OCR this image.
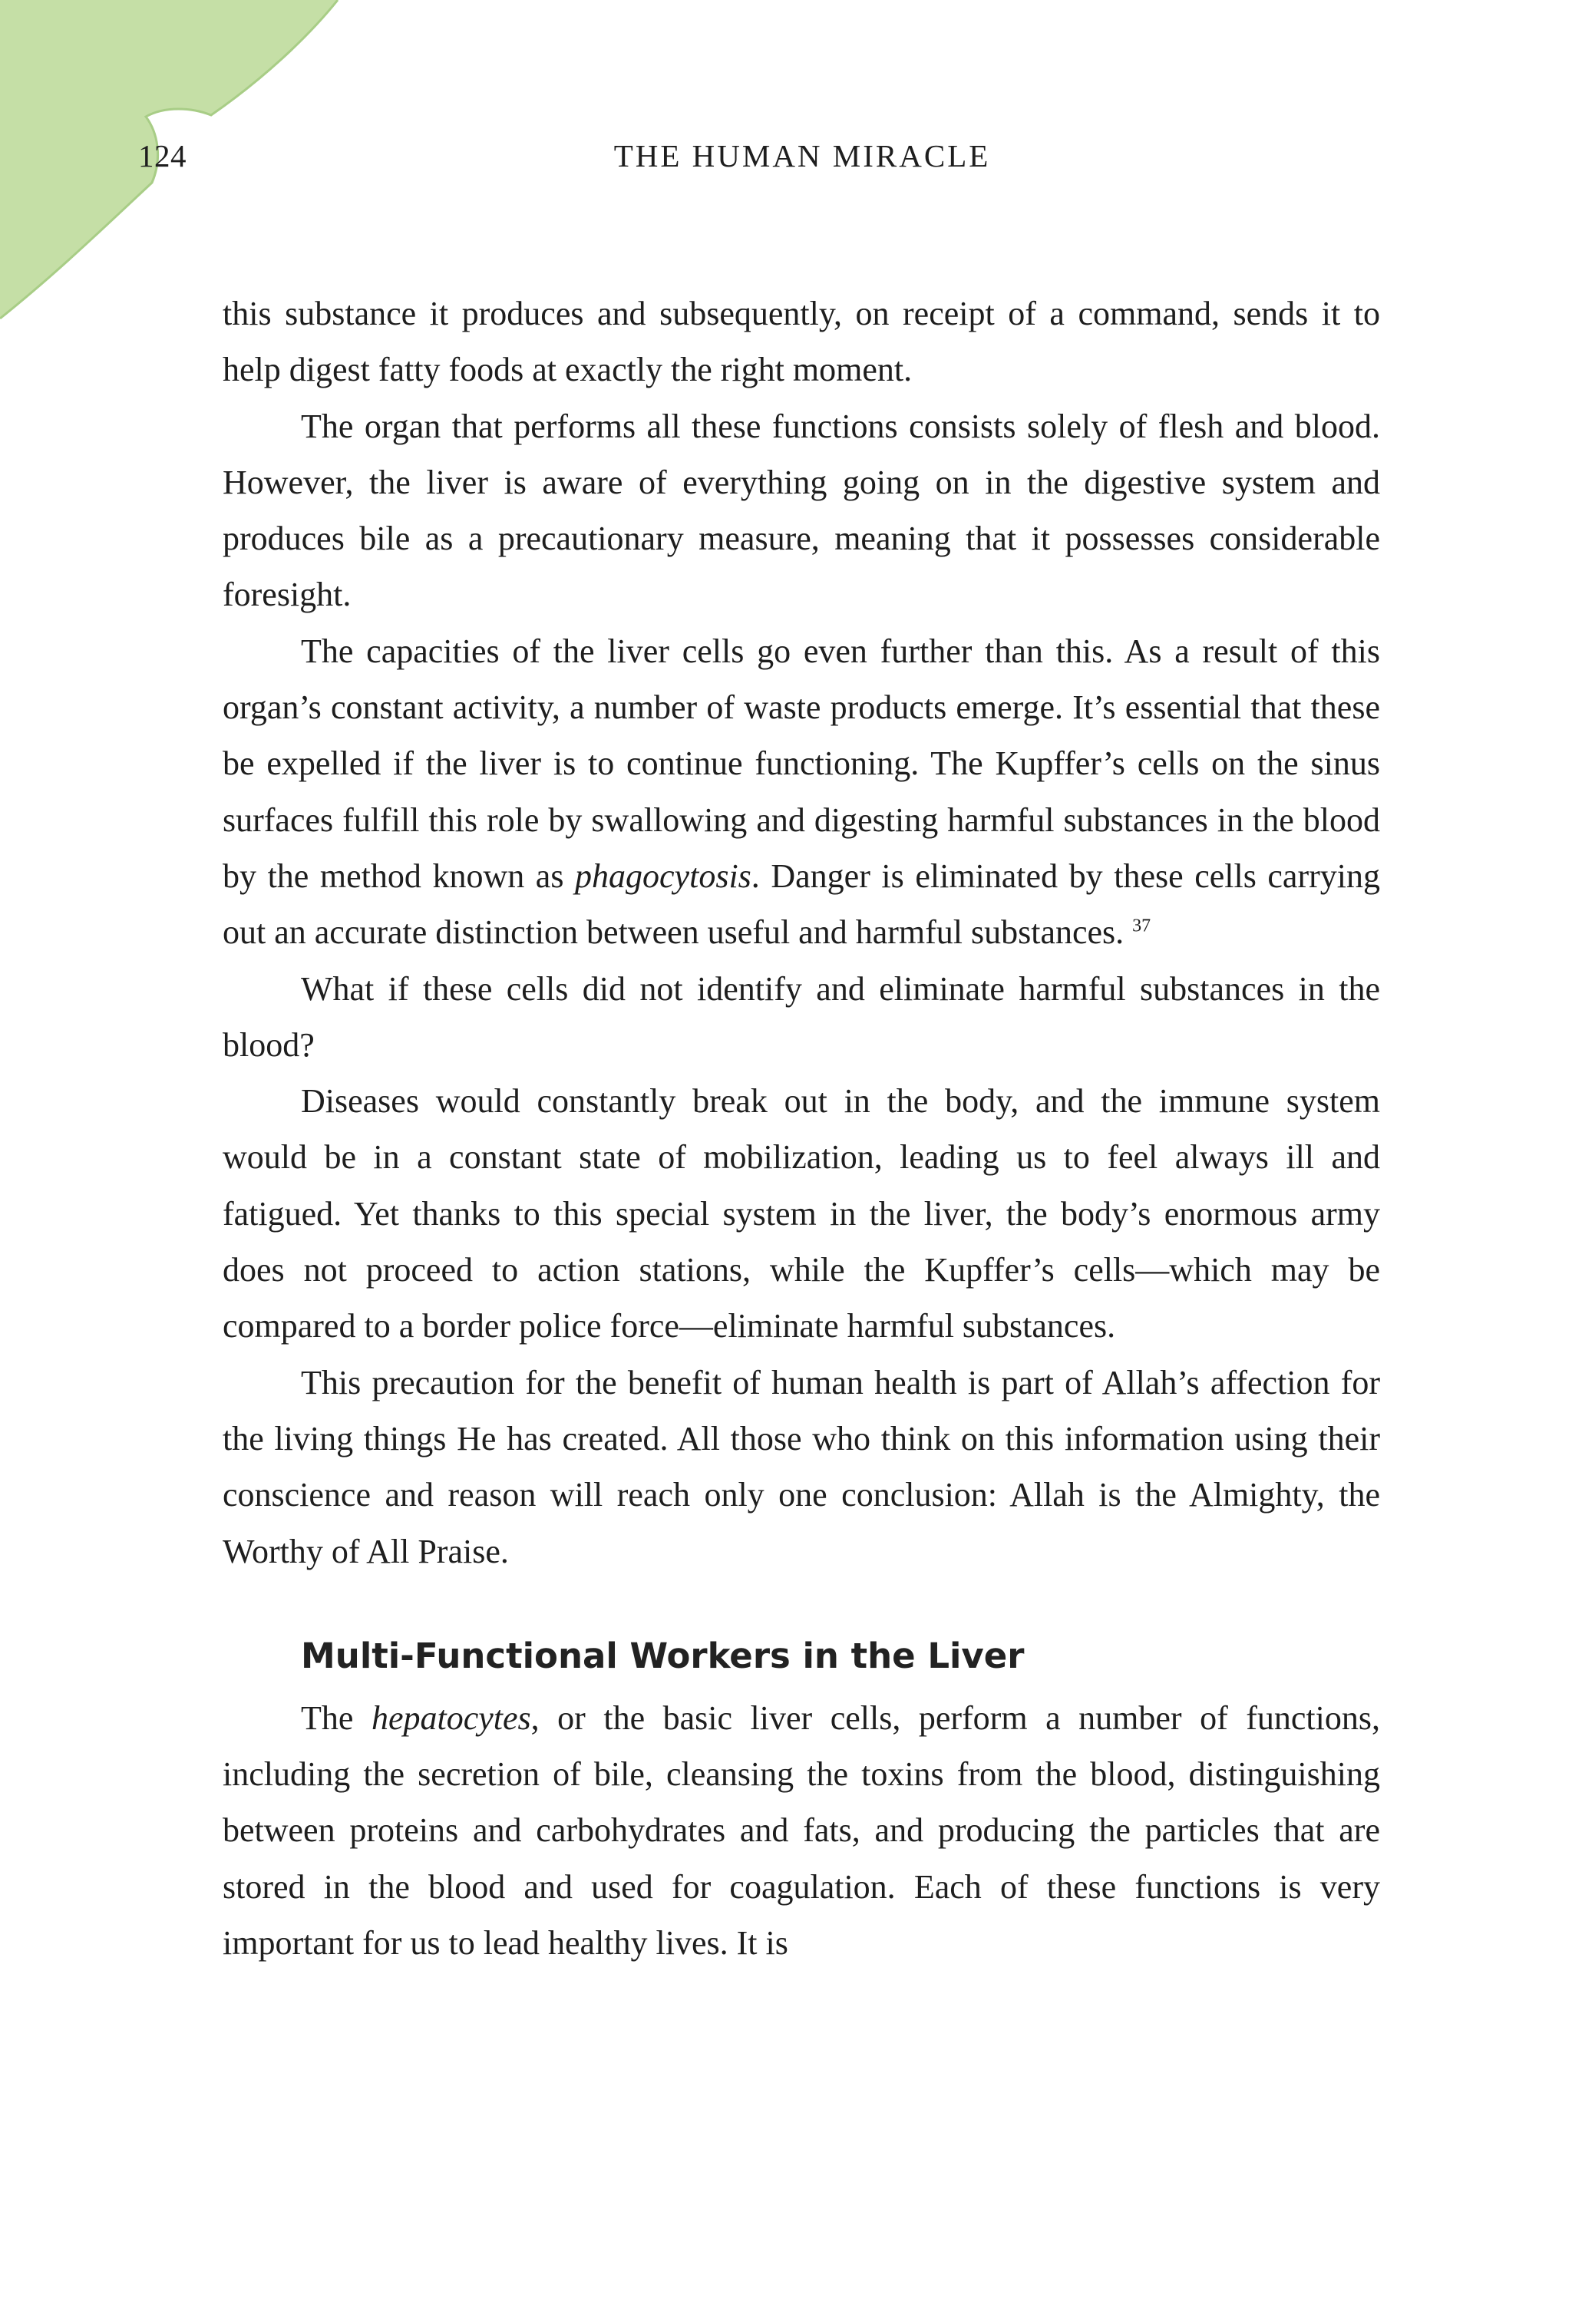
124	THE HUMAN MIRACLE

this substance it produces and subsequently, on receipt of a command, sends it to help digest fatty foods at exactly the right moment.

The organ that performs all these functions consists solely of flesh and blood. However, the liver is aware of everything going on in the digestive system and produces bile as a precautionary measure, meaning that it possesses considerable foresight.

The capacities of the liver cells go even further than this. As a result of this organ’s constant activity, a number of waste products emerge. It’s essential that these be expelled if the liver is to continue functioning. The Kupffer’s cells on the sinus surfaces fulfill this role by swallowing and digesting harmful substances in the blood by the method known as phagocytosis. Danger is eliminated by these cells carrying out an accurate distinction between useful and harmful substances. $^{37}$

What if these cells did not identify and eliminate harmful substances in the blood?

Diseases would constantly break out in the body, and the immune system would be in a constant state of mobilization, leading us to feel always ill and fatigued. Yet thanks to this special system in the liver, the body’s enormous army does not proceed to action stations, while the Kupffer’s cells—which may be compared to a border police force—eliminate harmful substances.

This precaution for the benefit of human health is part of Allah’s affection for the living things He has created. All those who think on this information using their conscience and reason will reach only one conclusion: Allah is the Almighty, the Worthy of All Praise.

Multi-Functional Workers in the Liver

The hepatocytes, or the basic liver cells, perform a number of functions, including the secretion of bile, cleansing the toxins from the blood, distinguishing between proteins and carbohydrates and fats, and producing the particles that are stored in the blood and used for coagulation. Each of these functions is very important for us to lead healthy lives. It is
